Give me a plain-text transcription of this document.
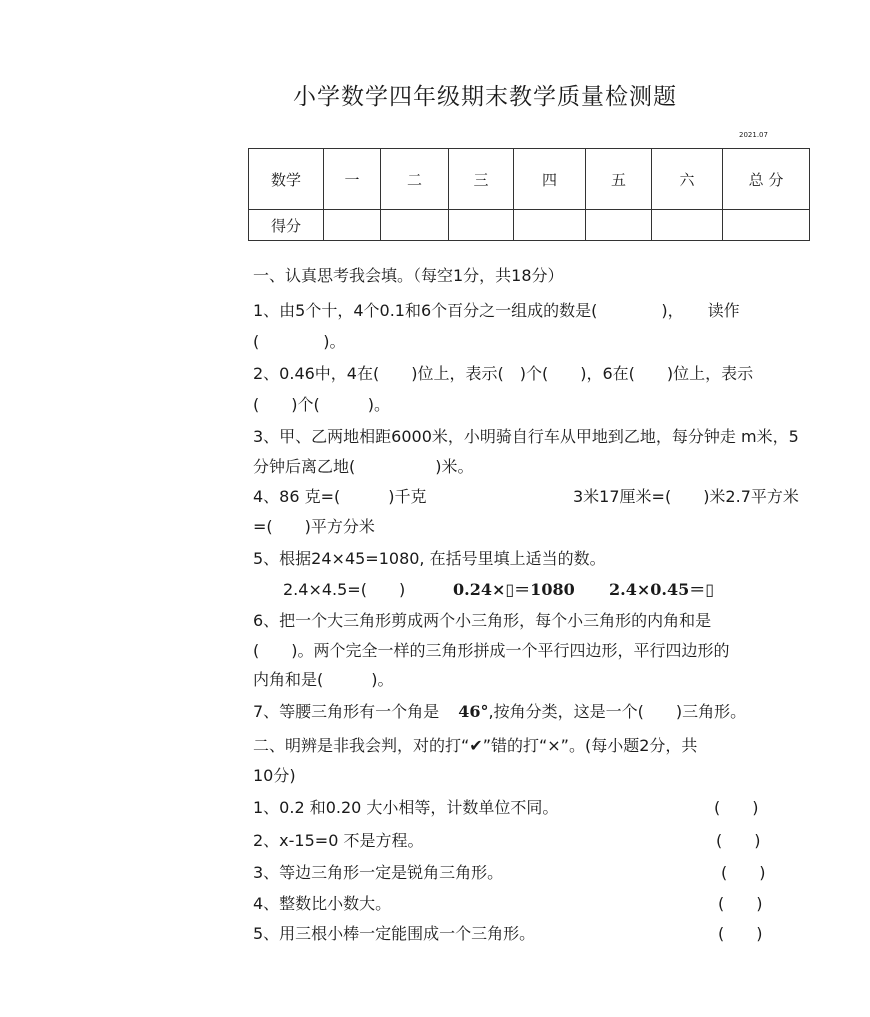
小学数学四年级期末教学质量检测题
2021.07
数学	一	二	三	四	五	六	总 分
得分							
一、认真思考我会填。（每空1分，共18分）
1、由5个十，4个0.1和6个百分之一组成的数是(　　　　)，　　读作
(　　　　)。
2、0.46中，4在(　　)位上，表示(　)个(　　)，6在(　　)位上，表示
(　　)个(　　　)。
3、甲、乙两地相距6000米，小明骑自行车从甲地到乙地，每分钟走 m米，5
分钟后离乙地(　　　　　)米。
4、86 克=(　　　)千克	3米17厘米=(　　)米2.7平方米
=(　　)平方分米
5、根据24×45=1080, 在括号里填上适当的数。
2.4×4.5=(　　)	0.24×▯＝1080 2.4×0.45＝▯
6、把一个大三角形剪成两个小三角形，每个小三角形的内角和是
(　　)。两个完全一样的三角形拼成一个平行四边形，平行四边形的
内角和是(　　　)。
7、等腰三角形有一个角是 46°,按角分类，这是一个(　　)三角形。
二、明辨是非我会判，对的打“✔”错的打“×”。(每小题2分，共
10分)
1、0.2 和0.20 大小相等，计数单位不同。	(　　)
2、x-15=0 不是方程。	(　　)
3、等边三角形一定是锐角三角形。	(　　)
4、整数比小数大。	(　　)
5、用三根小棒一定能围成一个三角形。	(　　)
